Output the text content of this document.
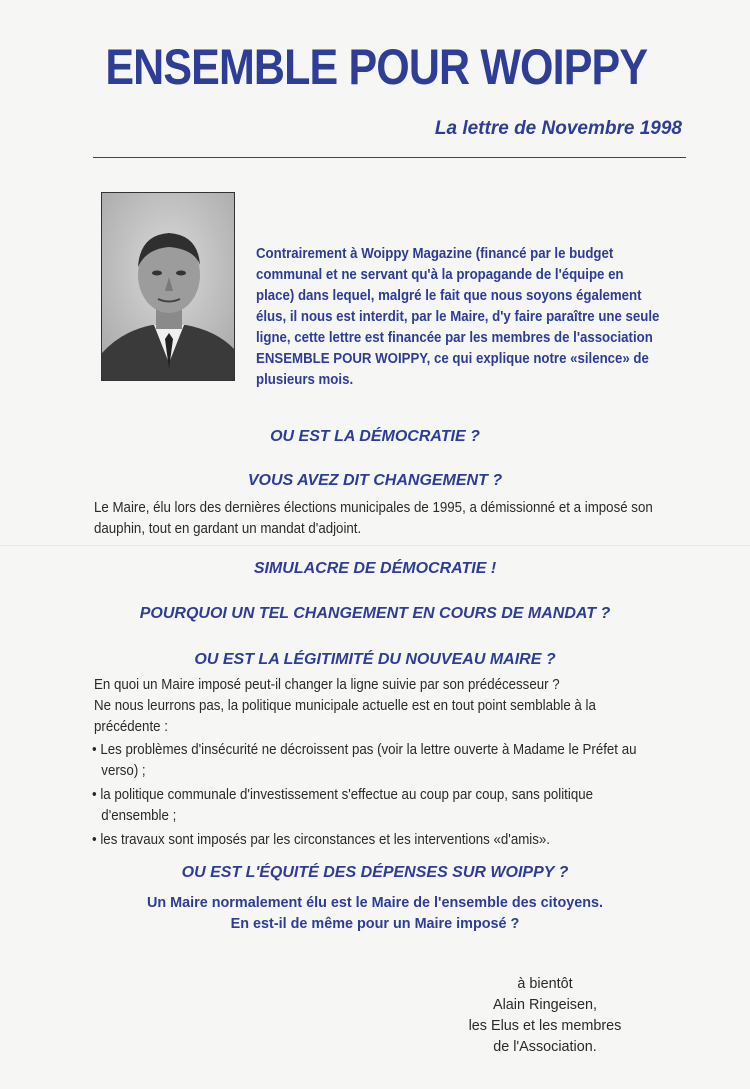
ENSEMBLE POUR WOIPPY
La lettre de Novembre 1998
Contrairement à Woippy Magazine (financé par le budget communal et ne servant qu'à la propagande de l'équipe en place) dans lequel, malgré le fait que nous soyons également élus, il nous est interdit, par le Maire, d'y faire paraître une seule ligne, cette lettre est financée par les membres de l'association ENSEMBLE POUR WOIPPY, ce qui explique notre «silence» de plusieurs mois.
OU EST LA DÉMOCRATIE ?
VOUS AVEZ DIT CHANGEMENT ?
Le Maire, élu lors des dernières élections municipales de 1995, a démissionné et a imposé son dauphin, tout en gardant un mandat d'adjoint.
SIMULACRE DE DÉMOCRATIE !
POURQUOI UN TEL CHANGEMENT EN COURS DE MANDAT ?
OU EST LA LÉGITIMITÉ DU NOUVEAU MAIRE ?
En quoi un Maire imposé peut-il changer la ligne suivie par son prédécesseur ?
Ne nous leurrons pas, la politique municipale actuelle est en tout point semblable à la précédente :
• Les problèmes d'insécurité ne décroissent pas (voir la lettre ouverte à Madame le Préfet au verso) ;
• la politique communale d'investissement s'effectue au coup par coup, sans politique d'ensemble ;
• les travaux sont imposés par les circonstances et les interventions «d'amis».
OU EST L'ÉQUITÉ DES DÉPENSES SUR WOIPPY ?
Un Maire normalement élu est le Maire de l'ensemble des citoyens.
En est-il de même pour un Maire imposé ?
à bientôt
Alain Ringeisen,
les Elus et les membres
de l'Association.
